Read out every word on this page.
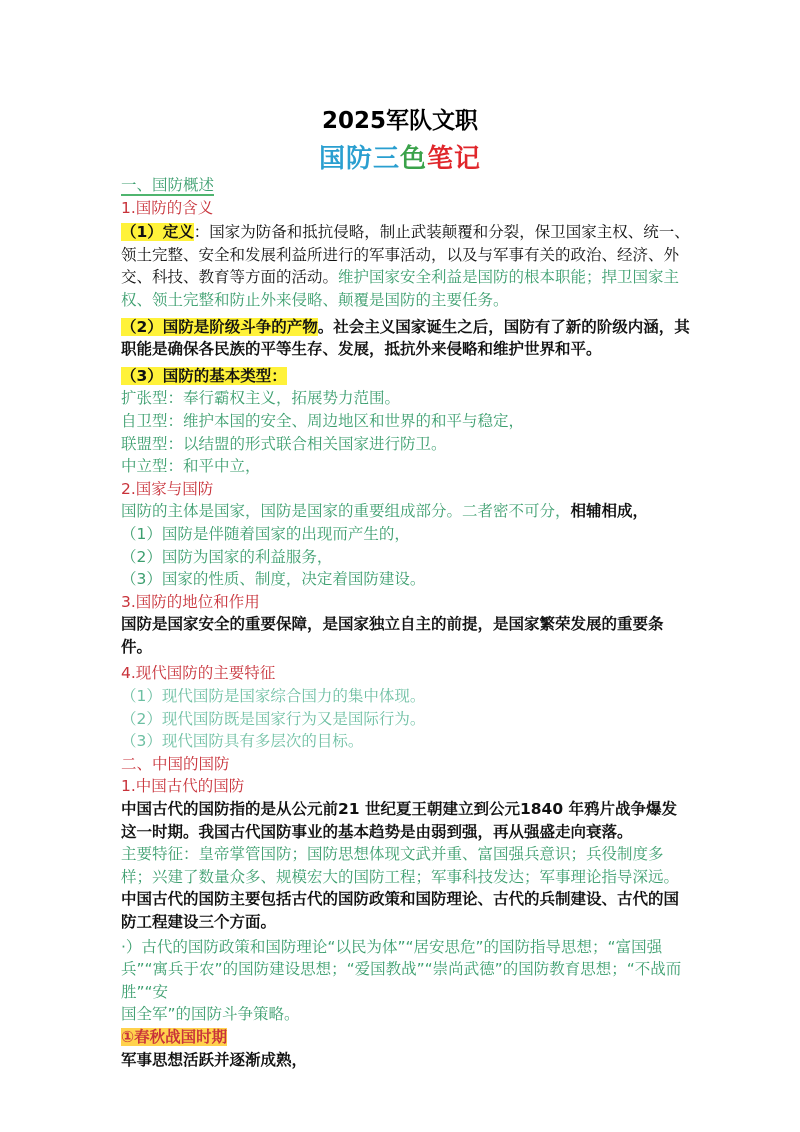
2025军队文职
国防三色笔记

一、国防概述

1.国防的含义

（1）定义：国家为防备和抵抗侵略，制止武装颠覆和分裂，保卫国家主权、统一、领土完整、安全和发展利益所进行的军事活动，以及与军事有关的政治、经济、外交、科技、教育等方面的活动。维护国家安全利益是国防的根本职能；捍卫国家主权、领土完整和防止外来侵略、颠覆是国防的主要任务。

（2）国防是阶级斗争的产物。社会主义国家诞生之后，国防有了新的阶级内涵，其职能是确保各民族的平等生存、发展，抵抗外来侵略和维护世界和平。

（3）国防的基本类型：

扩张型：奉行霸权主义，拓展势力范围。

自卫型：维护本国的安全、周边地区和世界的和平与稳定，

联盟型：以结盟的形式联合相关国家进行防卫。

中立型：和平中立，

2.国家与国防

国防的主体是国家，国防是国家的重要组成部分。二者密不可分，相辅相成，

（1）国防是伴随着国家的出现而产生的，

（2）国防为国家的利益服务，

（3）国家的性质、制度，决定着国防建设。

3.国防的地位和作用

国防是国家安全的重要保障，是国家独立自主的前提，是国家繁荣发展的重要条件。

4.现代国防的主要特征

（1）现代国防是国家综合国力的集中体现。

（2）现代国防既是国家行为又是国际行为。

（3）现代国防具有多层次的目标。

二、中国的国防

1.中国古代的国防

中国古代的国防指的是从公元前21 世纪夏王朝建立到公元1840 年鸦片战争爆发这一时期。我国古代国防事业的基本趋势是由弱到强，再从强盛走向衰落。

主要特征：皇帝掌管国防；国防思想体现文武并重、富国强兵意识；兵役制度多样；兴建了数量众多、规模宏大的国防工程；军事科技发达；军事理论指导深远。

中国古代的国防主要包括古代的国防政策和国防理论、古代的兵制建设、古代的国防工程建设三个方面。

·）古代的国防政策和国防理论“以民为体”“居安思危”的国防指导思想；“富国强兵”“寓兵于农”的国防建设思想；“爱国教战”“崇尚武德”的国防教育思想；“不战而胜”“安

国全军”的国防斗争策略。

①春秋战国时期

军事思想活跃并逐渐成熟，
